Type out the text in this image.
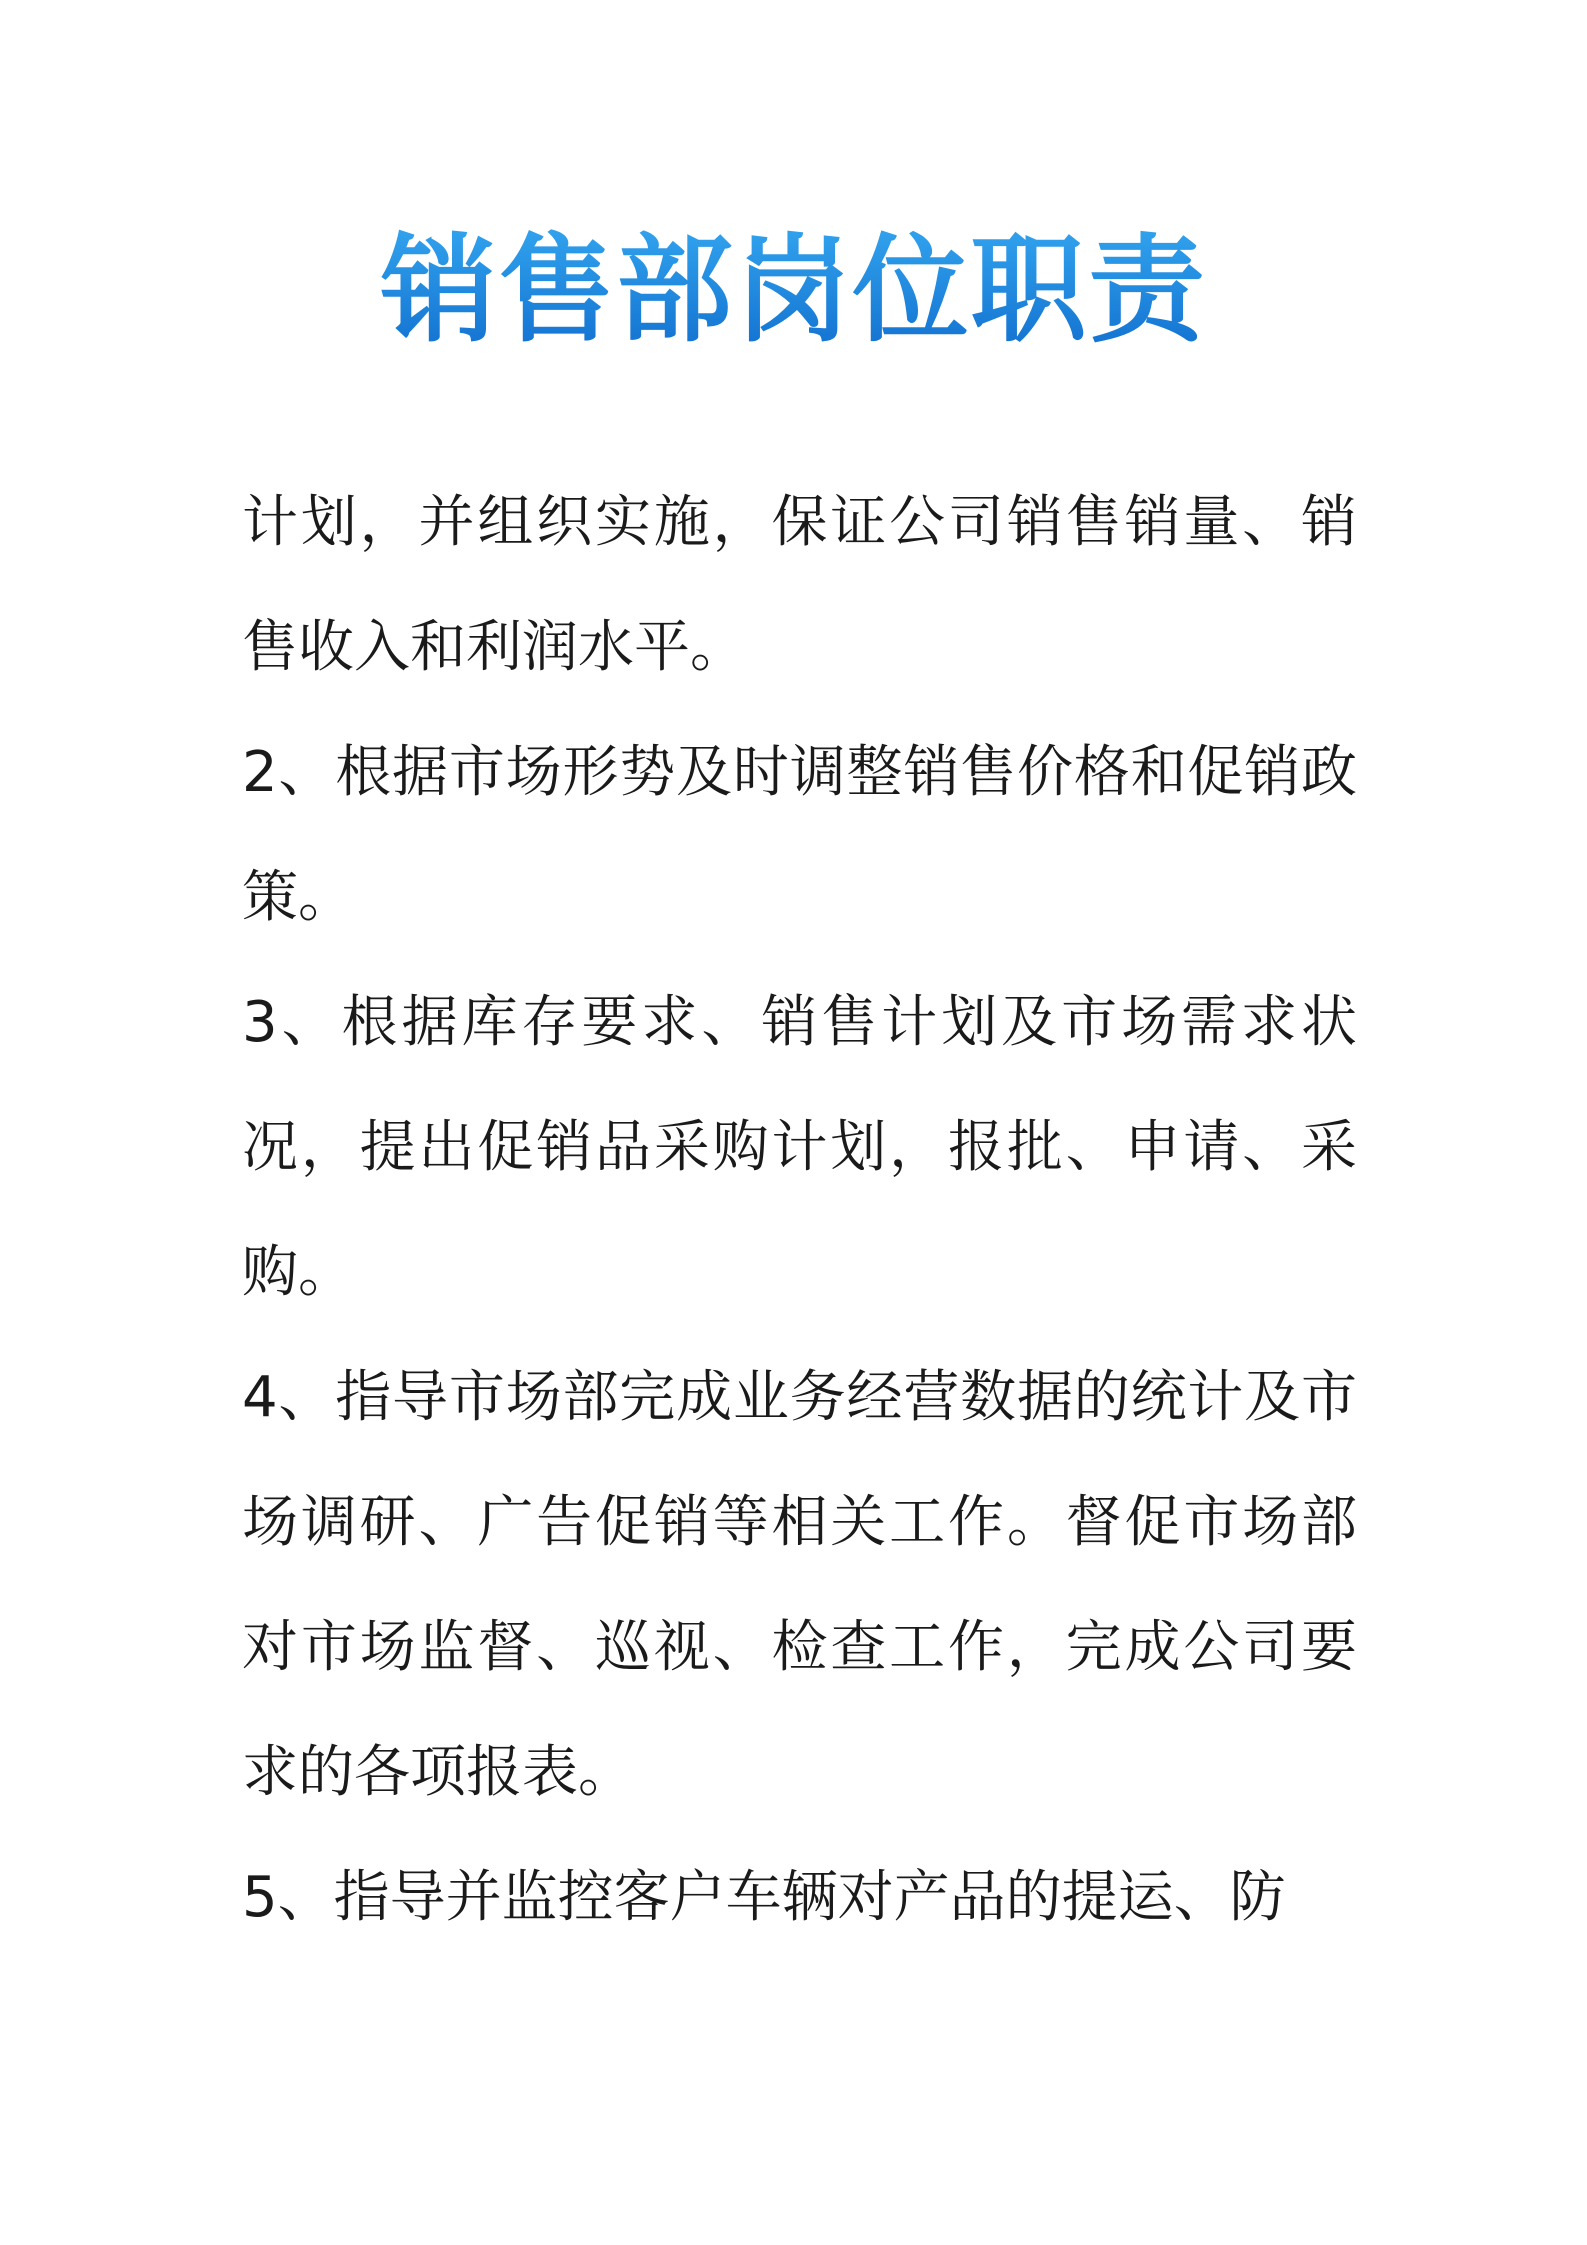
销售部岗位职责

计划，并组织实施，保证公司销售销量、销售收入和利润水平。

2、根据市场形势及时调整销售价格和促销政策。

3、根据库存要求、销售计划及市场需求状况，提出促销品采购计划，报批、申请、采购。

4、指导市场部完成业务经营数据的统计及市场调研、广告促销等相关工作。督促市场部对市场监督、巡视、检查工作，完成公司要求的各项报表。

5、指导并监控客户车辆对产品的提运、防
